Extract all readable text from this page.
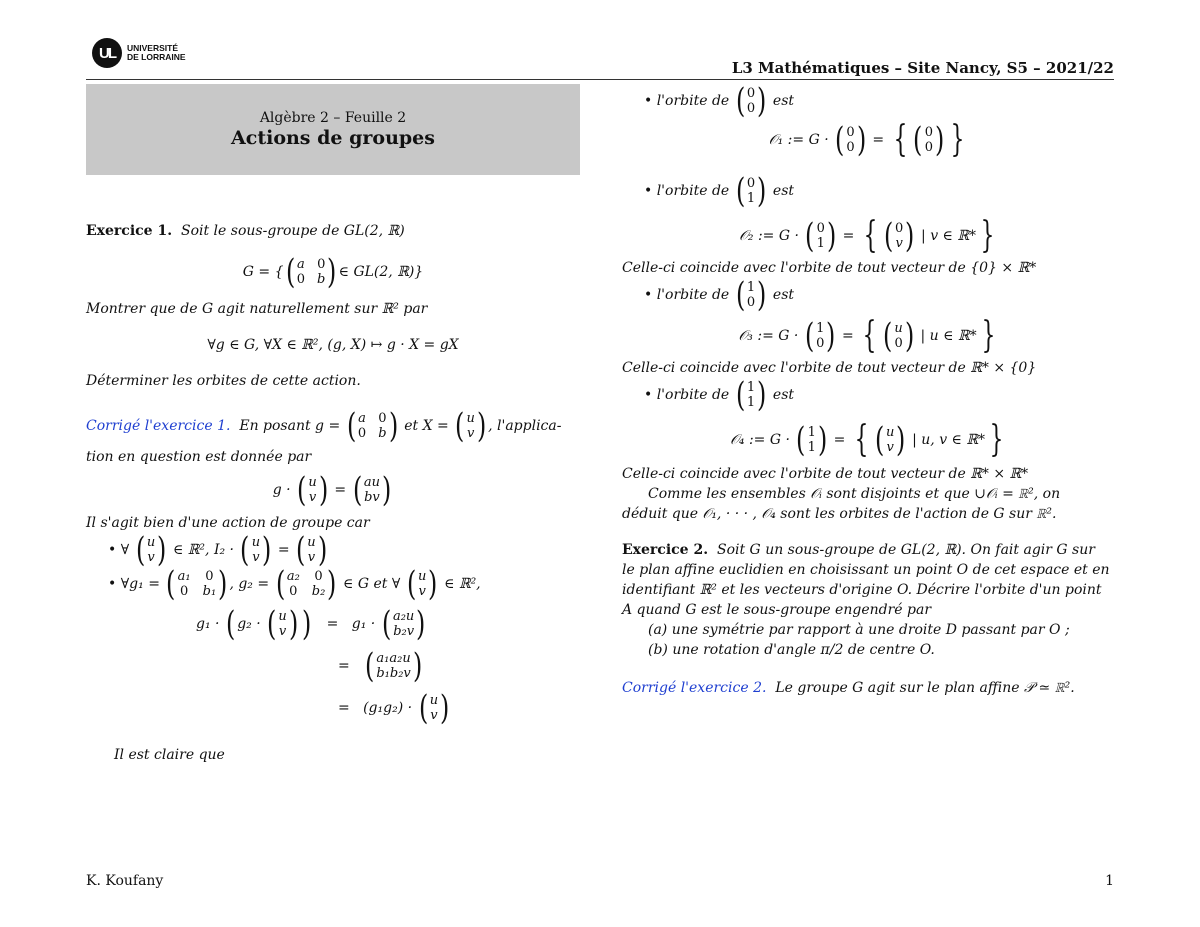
UL	UNIVERSITÉ
DE LORRAINE
L3 Mathématiques – Site Nancy, S5 – 2021/22
Algèbre 2 – Feuille 2
Actions de groupes

Exercice 1. Soit le sous-groupe de GL(2, ℝ)

G = { ( a 0
0 b ) ∈ GL(2, ℝ)}

Montrer que de G agit naturellement sur ℝ² par

∀g ∈ G, ∀X ∈ ℝ², (g, X) ↦ g · X = gX

Déterminer les orbites de cette action.

Corrigé l'exercice 1. En posant g =
( a 0
0 b )
et X =
( u
v ) , l'applica-

tion en question est donnée par

g ·
( u
v )
=
( au
bv )

Il s'agit bien d'une action de groupe car

• ∀
( u
v )
∈ ℝ², I₂ ·
( u
v )
=
( u
v )
• ∀g₁ =
( a₁ 0
0 b₁ ) , g₂ =
( a₂ 0
0 b₂ )
∈ G et ∀
( u
v )
∈ ℝ²,
g₁ ·
( g₂ ·
( u
v ) )
=
g₁ ·
( a₂u
b₂v )
=
( a₁a₂u
b₁b₂v )
=
(g₁g₂) ·
( u
v )

Il est claire que

• l'orbite de
( 0
0 )
est
𝒪₁ := G ·
( 0
0 ) = { ( 0
0 ) }
• l'orbite de
( 0
1 )
est
𝒪₂ := G ·
( 0
1 ) = { ( 0
v )
| v ∈ ℝ* }

Celle-ci coincide avec l'orbite de tout vecteur de {0} × ℝ*

• l'orbite de
( 1
0 )
est
𝒪₃ := G ·
( 1
0 ) = { ( u
0 )
| u ∈ ℝ* }

Celle-ci coincide avec l'orbite de tout vecteur de ℝ* × {0}

• l'orbite de
( 1
1 )
est
𝒪₄ := G ·
( 1
1 ) = { ( u
v )
| u, v ∈ ℝ* }

Celle-ci coincide avec l'orbite de tout vecteur de ℝ* × ℝ*

Comme les ensembles 𝒪ᵢ sont disjoints et que ∪𝒪ᵢ = ℝ², on

déduit que 𝒪₁, · · · , 𝒪₄ sont les orbites de l'action de G sur ℝ².

Exercice 2. Soit G un sous-groupe de GL(2, ℝ). On fait agir G sur

le plan affine euclidien en choisissant un point O de cet espace et en

identifiant ℝ² et les vecteurs d'origine O. Décrire l'orbite d'un point

A quand G est le sous-groupe engendré par

(a) une symétrie par rapport à une droite D passant par O ;

(b) une rotation d'angle π/2 de centre O.

Corrigé l'exercice 2. Le groupe G agit sur le plan affine 𝒫 ≃ ℝ².

K. Koufany	1
